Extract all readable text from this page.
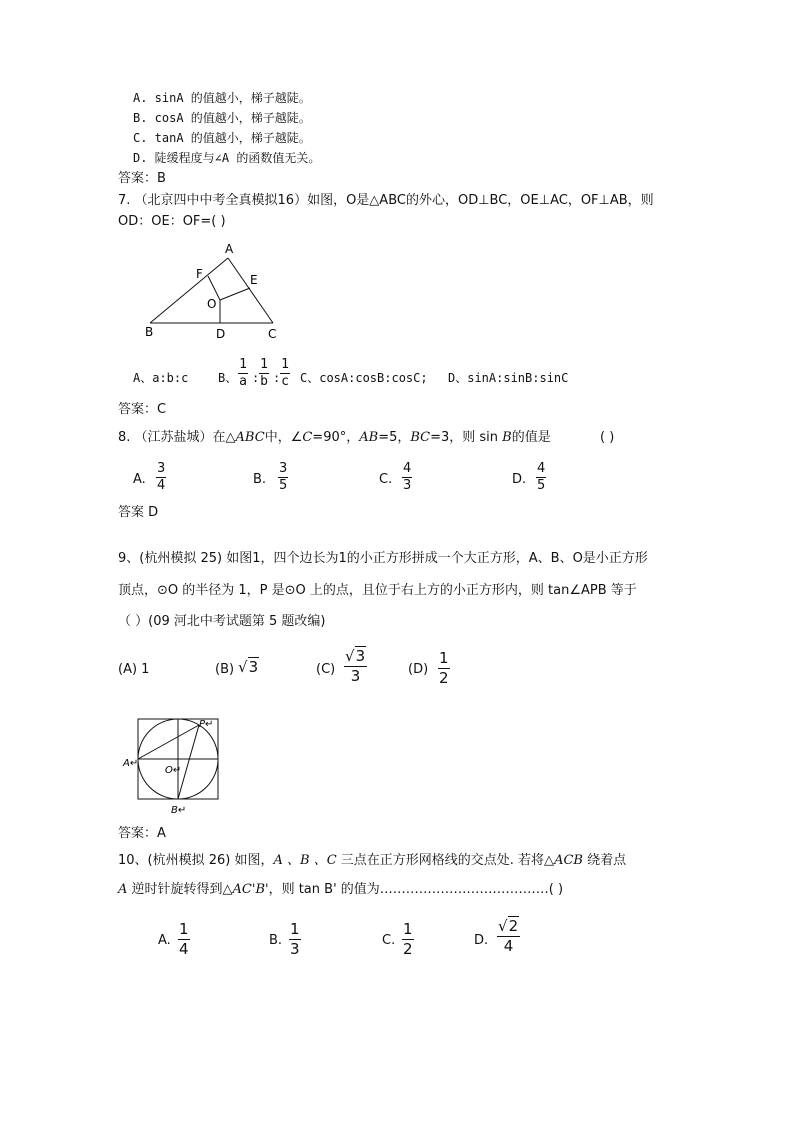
A. sinA 的值越小，梯子越陡。
B. cosA 的值越小，梯子越陡。
C. tanA 的值越小，梯子越陡。
D. 陡缓程度与∠A 的函数值无关。
答案：B
7. （北京四中中考全真模拟16）如图，O是△ABC的外心，OD⊥BC，OE⊥AC，OF⊥AB，则
OD：OE：OF=( )
A
B	C
D
E
F
O
A、a:b:c B、
1
a :
1
b :
1
c C、cosA:cosB:cosC; D、sinA:sinB:sinC
答案：C
8. （江苏盐城）在△ABC中，∠C=90°，AB=5，BC=3，则 sin B的值是	( )
A.
3
4	B.
3
5	C.
4
3	D.
4
5
答案 D
9、(杭州模拟 25) 如图1，四个边长为1的小正方形拼成一个大正方形，A、B、O是小正方形
顶点，⊙O 的半径为 1，P 是⊙O 上的点，且位于右上方的小正方形内，则 tan∠APB 等于
（ ）(09 河北中考试题第 5 题改编)
(A) 1	(B) √3	(C)
√3
3	(D)
1
2
P↵
A↵
O↵
B↵
答案：A
10、(杭州模拟 26) 如图，A 、B 、C 三点在正方形网格线的交点处. 若将△ACB 绕着点
A 逆时针旋转得到△AC'B'，则 tan B' 的值为…………………………………( )
A.
1
4	B.
1
3	C.
1
2	D.
√2
4
